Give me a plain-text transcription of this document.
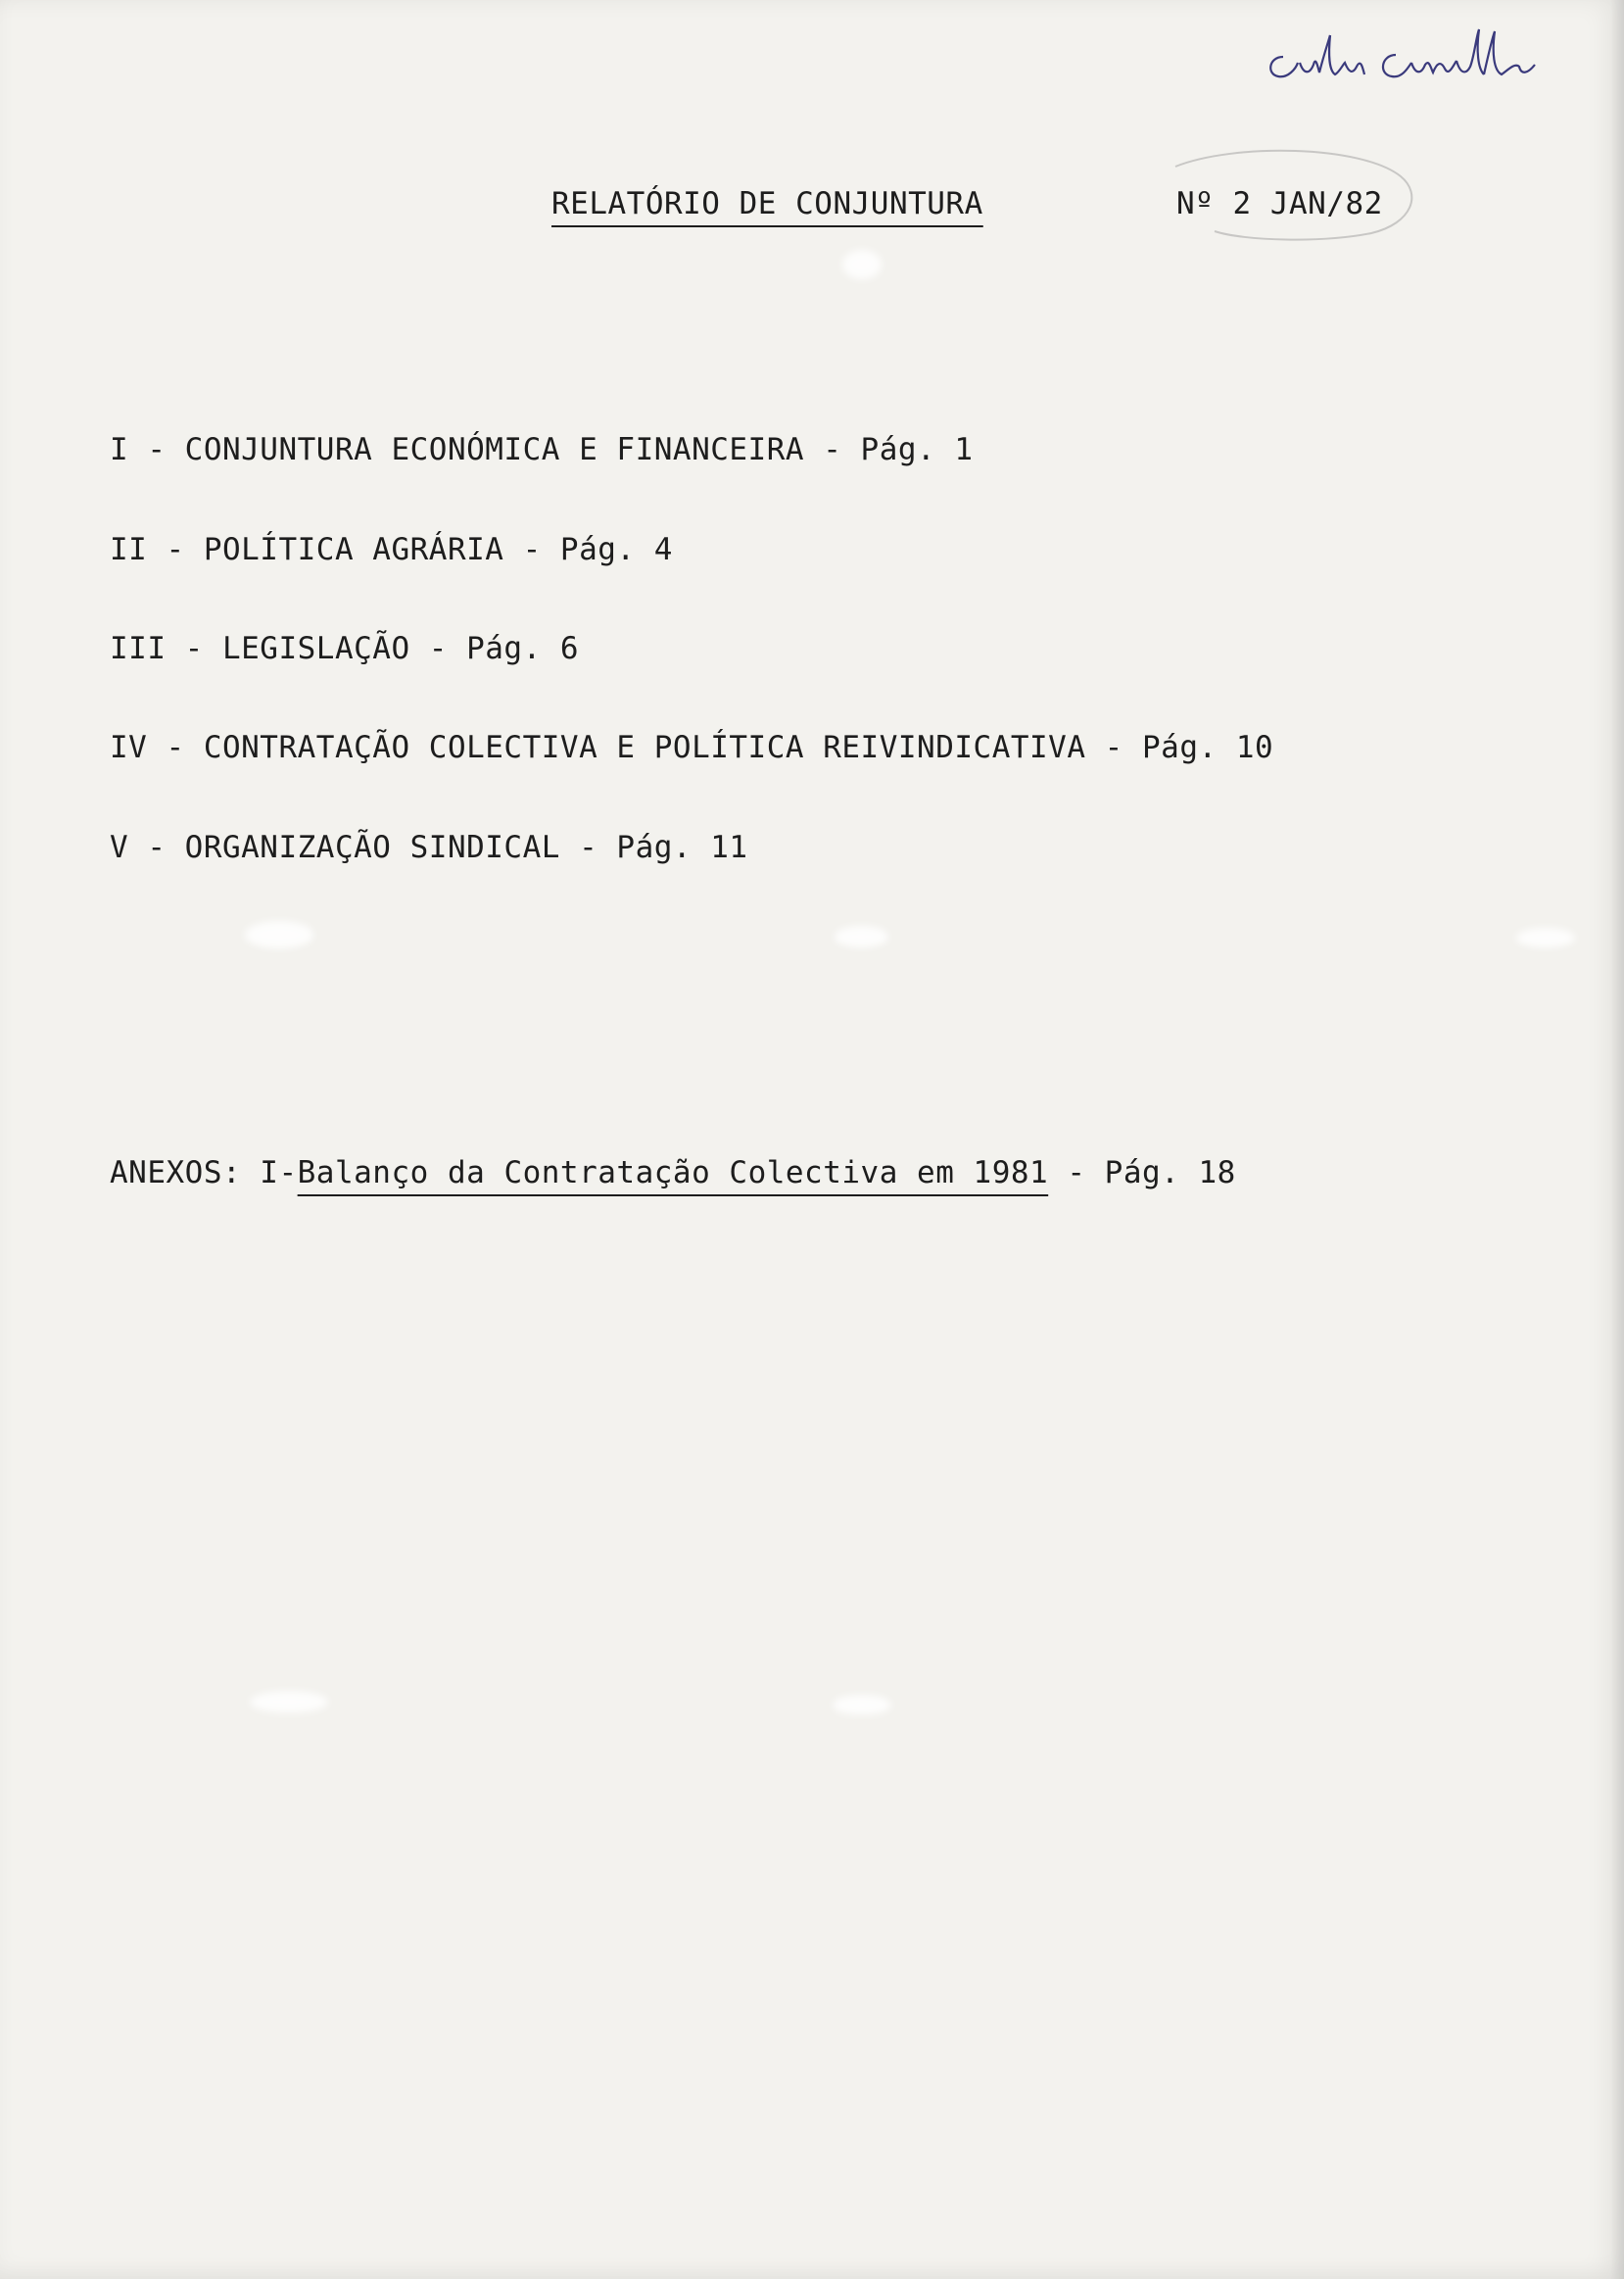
RELATÓRIO DE CONJUNTURA	Nº 2 JAN/82
I - CONJUNTURA ECONÓMICA E FINANCEIRA - Pág. 1
II - POLÍTICA AGRÁRIA - Pág. 4
III - LEGISLAÇÃO - Pág. 6
IV - CONTRATAÇÃO COLECTIVA E POLÍTICA REIVINDICATIVA - Pág. 10
V - ORGANIZAÇÃO SINDICAL - Pág. 11
ANEXOS: I-Balanço da Contratação Colectiva em 1981 - Pág. 18
